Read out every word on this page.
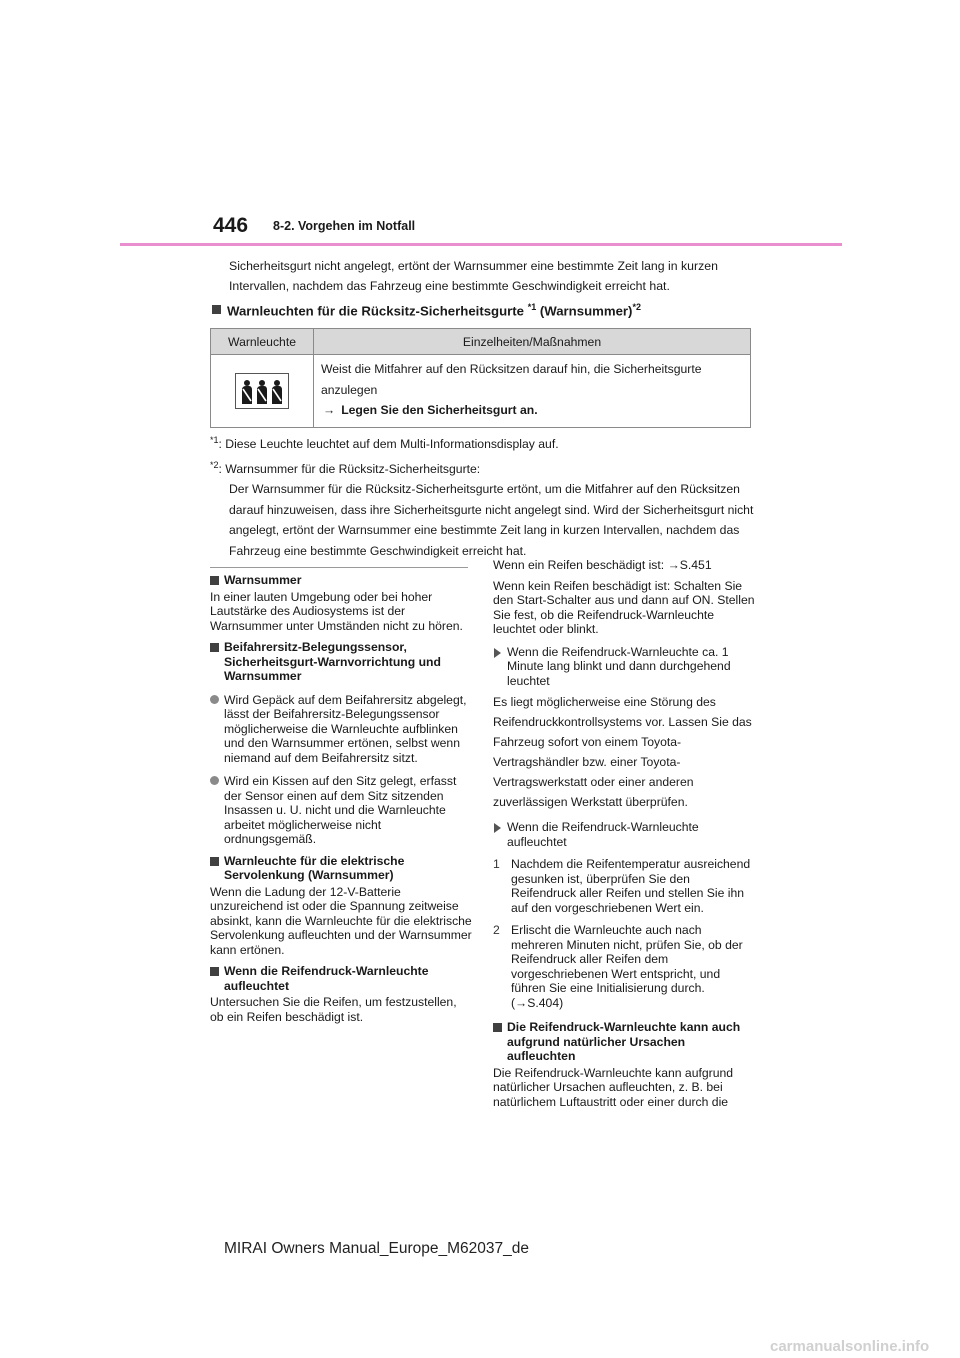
446 8-2. Vorgehen im Notfall
Sicherheitsgurt nicht angelegt, ertönt der Warnsummer eine bestimmte Zeit lang in kurzen Intervallen, nachdem das Fahrzeug eine bestimmte Geschwindigkeit erreicht hat.
Warnleuchten für die Rücksitz-Sicherheitsgurte $^{*1}$ (Warnsummer)$^{*2}$
Warnleuchte	Einzelheiten/Maßnahmen

Weist die Mitfahrer auf den Rücksitzen darauf hin, die Sicherheitsgurte anzulegen
→ Legen Sie den Sicherheitsgurt an.

$^{*1}$: Diese Leuchte leuchtet auf dem Multi-Informationsdisplay auf.

$^{*2}$: Warnsummer für die Rücksitz-Sicherheitsgurte:

Der Warnsummer für die Rücksitz-Sicherheitsgurte ertönt, um die Mitfahrer auf den Rücksitzen darauf hinzuweisen, dass ihre Sicherheitsgurte nicht angelegt sind. Wird der Sicherheitsgurt nicht angelegt, ertönt der Warnsummer eine bestimmte Zeit lang in kurzen Intervallen, nachdem das Fahrzeug eine bestimmte Geschwindigkeit erreicht hat.

Warnsummer

In einer lauten Umgebung oder bei hoher Lautstärke des Audiosystems ist der Warnsummer unter Umständen nicht zu hören.

Beifahrersitz-Belegungssensor, Sicherheitsgurt-Warnvorrichtung und Warnsummer

Wird Gepäck auf dem Beifahrersitz abgelegt, lässt der Beifahrersitz-Belegungssensor möglicherweise die Warnleuchte aufblinken und den Warnsummer ertönen, selbst wenn niemand auf dem Beifahrersitz sitzt.

Wird ein Kissen auf den Sitz gelegt, erfasst der Sensor einen auf dem Sitz sitzenden Insassen u. U. nicht und die Warnleuchte arbeitet möglicherweise nicht ordnungsgemäß.

Warnleuchte für die elektrische Servolenkung (Warnsummer)

Wenn die Ladung der 12-V-Batterie unzureichend ist oder die Spannung zeitweise absinkt, kann die Warnleuchte für die elektrische Servolenkung aufleuchten und der Warnsummer kann ertönen.

Wenn die Reifendruck-Warnleuchte aufleuchtet

Untersuchen Sie die Reifen, um festzustellen, ob ein Reifen beschädigt ist.

Wenn ein Reifen beschädigt ist: →S.451

Wenn kein Reifen beschädigt ist: Schalten Sie den Start-Schalter aus und dann auf ON. Stellen Sie fest, ob die Reifendruck-Warnleuchte leuchtet oder blinkt.

Wenn die Reifendruck-Warnleuchte ca. 1 Minute lang blinkt und dann durchgehend leuchtet

Es liegt möglicherweise eine Störung des Reifendruckkontrollsystems vor. Lassen Sie das Fahrzeug sofort von einem Toyota-Vertragshändler bzw. einer Toyota-Vertragswerkstatt oder einer anderen zuverlässigen Werkstatt überprüfen.

Wenn die Reifendruck-Warnleuchte aufleuchtet

1 Nachdem die Reifentemperatur ausreichend gesunken ist, überprüfen Sie den Reifendruck aller Reifen und stellen Sie ihn auf den vorgeschriebenen Wert ein.

2 Erlischt die Warnleuchte auch nach mehreren Minuten nicht, prüfen Sie, ob der Reifendruck aller Reifen dem vorgeschriebenen Wert entspricht, und führen Sie eine Initialisierung durch. (→S.404)

Die Reifendruck-Warnleuchte kann auch aufgrund natürlicher Ursachen aufleuchten

Die Reifendruck-Warnleuchte kann aufgrund natürlicher Ursachen aufleuchten, z. B. bei natürlichem Luftaustritt oder einer durch die

MIRAI Owners Manual_Europe_M62037_de
carmanualsonline.info
